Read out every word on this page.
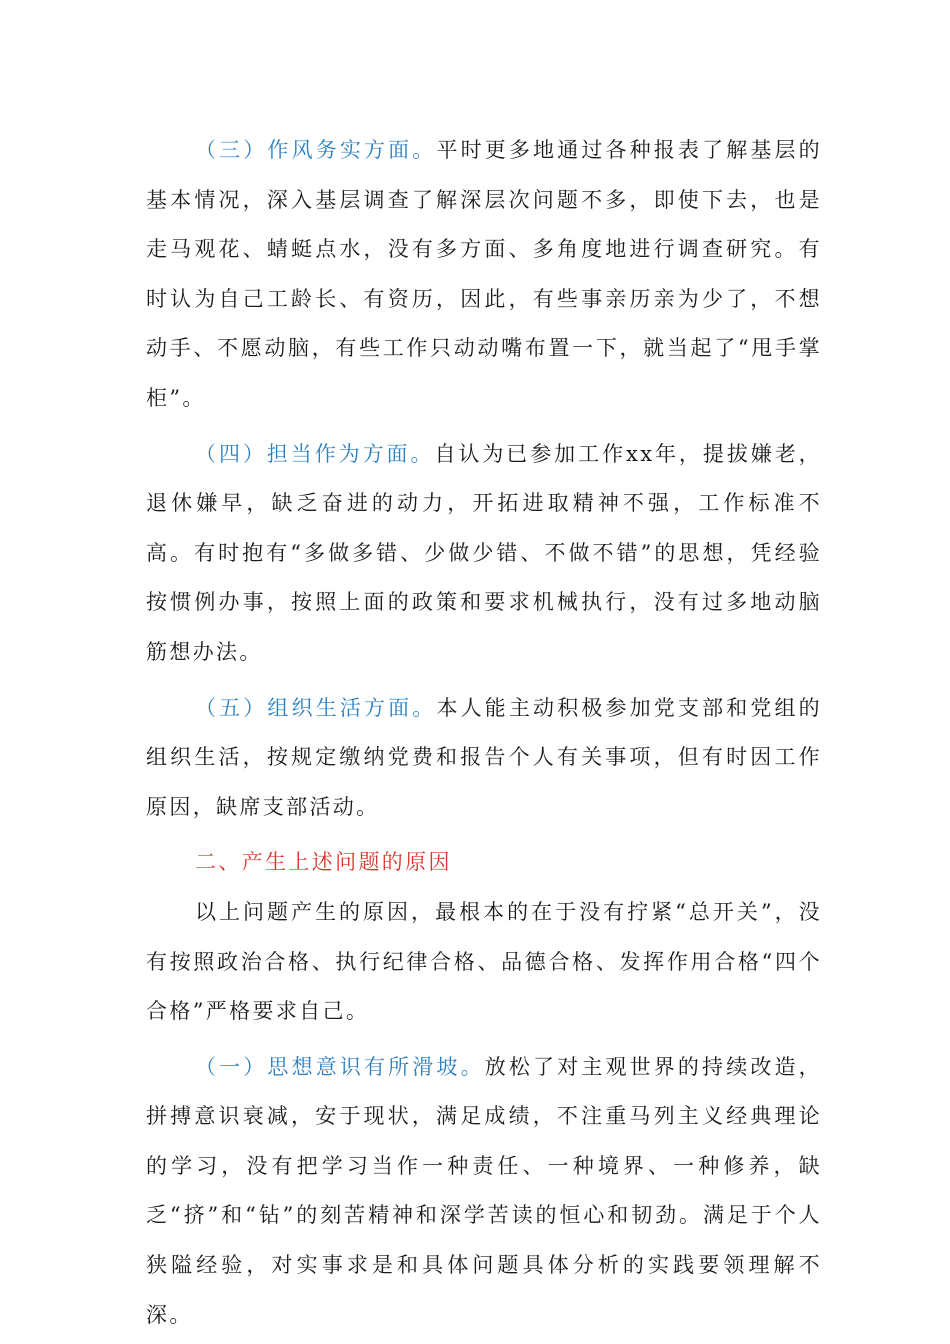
（三）作风务实方面。平时更多地通过各种报表了解基层的基本情况，深入基层调查了解深层次问题不多，即使下去，也是走马观花、蜻蜓点水，没有多方面、多角度地进行调查研究。有时认为自己工龄长、有资历，因此，有些事亲历亲为少了，不想动手、不愿动脑，有些工作只动动嘴布置一下，就当起了“甩手掌柜”。

（四）担当作为方面。自认为已参加工作xx年，提拔嫌老，退休嫌早，缺乏奋进的动力，开拓进取精神不强，工作标准不高。有时抱有“多做多错、少做少错、不做不错”的思想，凭经验按惯例办事，按照上面的政策和要求机械执行，没有过多地动脑筋想办法。

（五）组织生活方面。本人能主动积极参加党支部和党组的组织生活，按规定缴纳党费和报告个人有关事项，但有时因工作原因，缺席支部活动。

二、产生上述问题的原因

以上问题产生的原因，最根本的在于没有拧紧“总开关”，没有按照政治合格、执行纪律合格、品德合格、发挥作用合格“四个合格”严格要求自己。

（一）思想意识有所滑坡。放松了对主观世界的持续改造，拼搏意识衰减，安于现状，满足成绩，不注重马列主义经典理论的学习，没有把学习当作一种责任、一种境界、一种修养，缺乏“挤”和“钻”的刻苦精神和深学苦读的恒心和韧劲。满足于个人狭隘经验，对实事求是和具体问题具体分析的实践要领理解不深。
